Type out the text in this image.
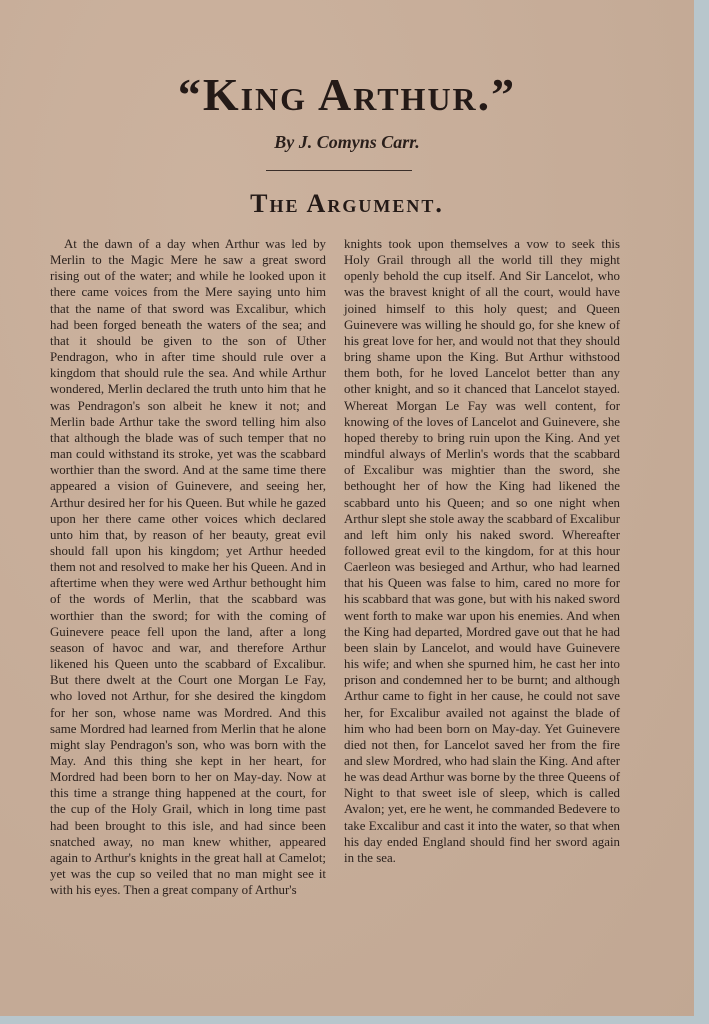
“King Arthur.”
By J. Comyns Carr.
The Argument.

At the dawn of a day when Arthur was led by Merlin to the Magic Mere he saw a great sword rising out of the water; and while he looked upon it there came voices from the Mere saying unto him that the name of that sword was Excalibur, which had been forged beneath the waters of the sea; and that it should be given to the son of Uther Pendragon, who in after time should rule over a kingdom that should rule the sea. And while Arthur wondered, Merlin declared the truth unto him that he was Pendragon's son albeit he knew it not; and Merlin bade Arthur take the sword telling him also that although the blade was of such temper that no man could withstand its stroke, yet was the scabbard worthier than the sword. And at the same time there appeared a vision of Guinevere, and seeing her, Arthur desired her for his Queen. But while he gazed upon her there came other voices which declared unto him that, by reason of her beauty, great evil should fall upon his kingdom; yet Arthur heeded them not and resolved to make her his Queen. And in aftertime when they were wed Arthur bethought him of the words of Merlin, that the scabbard was worthier than the sword; for with the coming of Guinevere peace fell upon the land, after a long season of havoc and war, and therefore Arthur likened his Queen unto the scabbard of Excalibur. But there dwelt at the Court one Morgan Le Fay, who loved not Arthur, for she desired the kingdom for her son, whose name was Mordred. And this same Mordred had learned from Merlin that he alone might slay Pendragon's son, who was born with the May. And this thing she kept in her heart, for Mordred had been born to her on May-day. Now at this time a strange thing happened at the court, for the cup of the Holy Grail, which in long time past had been brought to this isle, and had since been snatched away, no man knew whither, appeared again to Arthur's knights in the great hall at Camelot; yet was the cup so veiled that no man might see it with his eyes. Then a great company of Arthur's

knights took upon themselves a vow to seek this Holy Grail through all the world till they might openly behold the cup itself. And Sir Lancelot, who was the bravest knight of all the court, would have joined himself to this holy quest; and Queen Guinevere was willing he should go, for she knew of his great love for her, and would not that they should bring shame upon the King. But Arthur withstood them both, for he loved Lancelot better than any other knight, and so it chanced that Lancelot stayed. Whereat Morgan Le Fay was well content, for knowing of the loves of Lancelot and Guinevere, she hoped thereby to bring ruin upon the King. And yet mindful always of Merlin's words that the scabbard of Excalibur was mightier than the sword, she bethought her of how the King had likened the scabbard unto his Queen; and so one night when Arthur slept she stole away the scabbard of Excalibur and left him only his naked sword. Whereafter followed great evil to the kingdom, for at this hour Caerleon was besieged and Arthur, who had learned that his Queen was false to him, cared no more for his scabbard that was gone, but with his naked sword went forth to make war upon his enemies. And when the King had departed, Mordred gave out that he had been slain by Lancelot, and would have Guinevere his wife; and when she spurned him, he cast her into prison and condemned her to be burnt; and although Arthur came to fight in her cause, he could not save her, for Excalibur availed not against the blade of him who had been born on May-day. Yet Guinevere died not then, for Lancelot saved her from the fire and slew Mordred, who had slain the King. And after he was dead Arthur was borne by the three Queens of Night to that sweet isle of sleep, which is called Avalon; yet, ere he went, he commanded Bedevere to take Excalibur and cast it into the water, so that when his day ended England should find her sword again in the sea.
